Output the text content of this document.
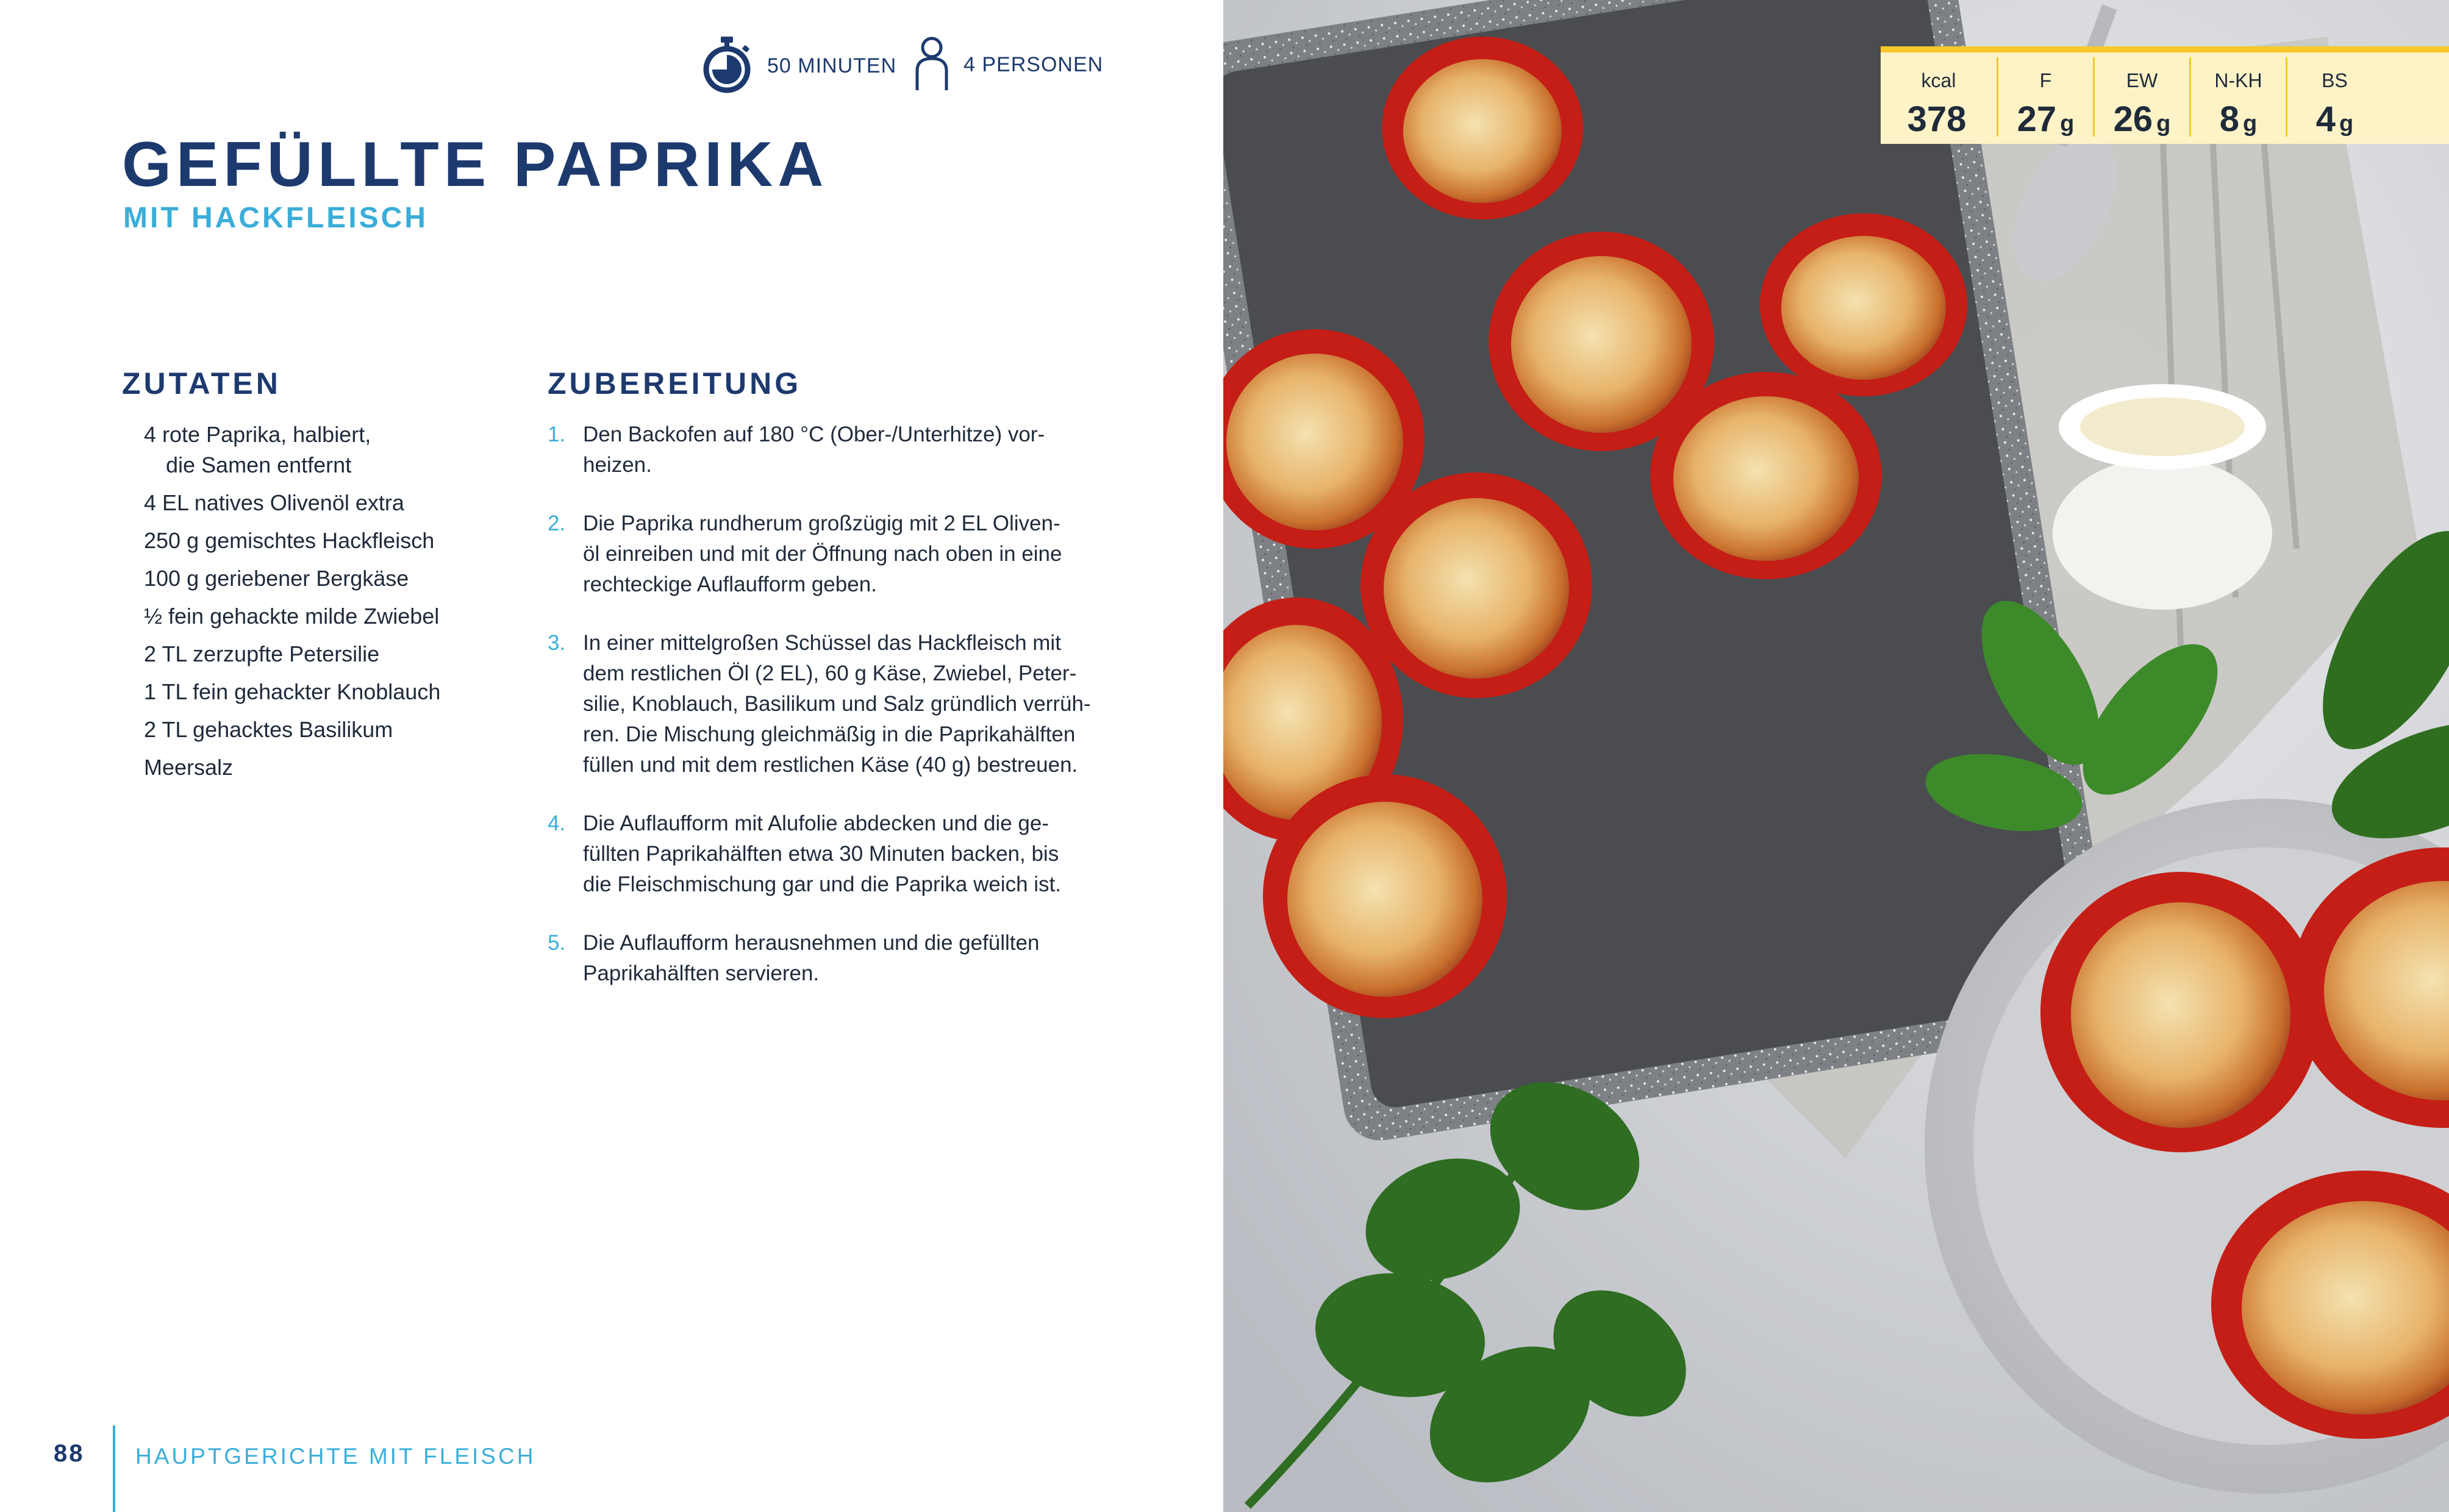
50 MINUTEN	4 PERSONEN
GEFÜLLTE PAPRIKA
MIT HACKFLEISCH
ZUTATEN
4 rote Paprika, halbiert,
die Samen entfernt
4 EL natives Olivenöl extra
250 g gemischtes Hackfleisch
100 g geriebener Bergkäse
½ fein gehackte milde Zwiebel
2 TL zerzupfte Petersilie
1 TL fein gehackter Knoblauch
2 TL gehacktes Basilikum
Meersalz
ZUBEREITUNG
1. Den Backofen auf 180 °C (Ober-/Unterhitze) vor-
heizen.
2. Die Paprika rundherum großzügig mit 2 EL Oliven-
öl einreiben und mit der Öffnung nach oben in eine
rechteckige Auflaufform geben.
3. In einer mittelgroßen Schüssel das Hackfleisch mit
dem restlichen Öl (2 EL), 60 g Käse, Zwiebel, Peter-
silie, Knoblauch, Basilikum und Salz gründlich verrüh-
ren. Die Mischung gleichmäßig in die Paprikahälften
füllen und mit dem restlichen Käse (40 g) bestreuen.
4. Die Auflaufform mit Alufolie abdecken und die ge-
füllten Paprikahälften etwa 30 Minuten backen, bis
die Fleischmischung gar und die Paprika weich ist.
5. Die Auflaufform herausnehmen und die gefüllten
Paprikahälften servieren.
88 HAUPTGERICHTE MIT FLEISCH
kcal
378
F
27 g
EW
26 g
N-KH
8 g
BS
4 g
